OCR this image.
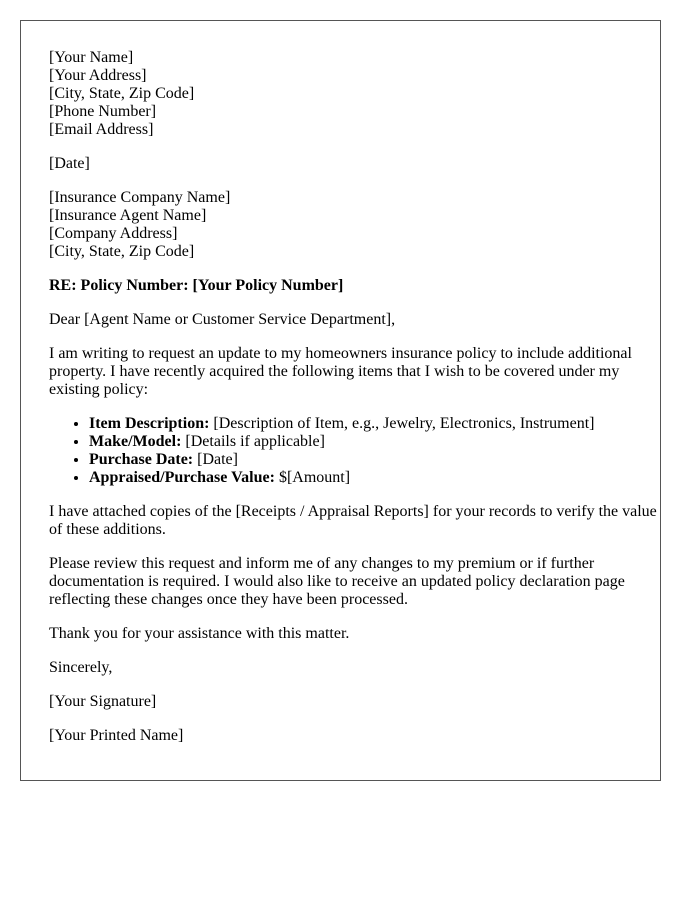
[Your Name]
[Your Address]
[City, State, Zip Code]
[Phone Number]
[Email Address]

[Date]

[Insurance Company Name]
[Insurance Agent Name]
[Company Address]
[City, State, Zip Code]

RE: Policy Number: [Your Policy Number]

Dear [Agent Name or Customer Service Department],

I am writing to request an update to my homeowners insurance policy to include additional property. I have recently acquired the following items that I wish to be covered under my existing policy:

• Item Description: [Description of Item, e.g., Jewelry, Electronics, Instrument]
• Make/Model: [Details if applicable]
• Purchase Date: [Date]
• Appraised/Purchase Value: $[Amount]

I have attached copies of the [Receipts / Appraisal Reports] for your records to verify the value of these additions.

Please review this request and inform me of any changes to my premium or if further documentation is required. I would also like to receive an updated policy declaration page reflecting these changes once they have been processed.

Thank you for your assistance with this matter.

Sincerely,

[Your Signature]

[Your Printed Name]
